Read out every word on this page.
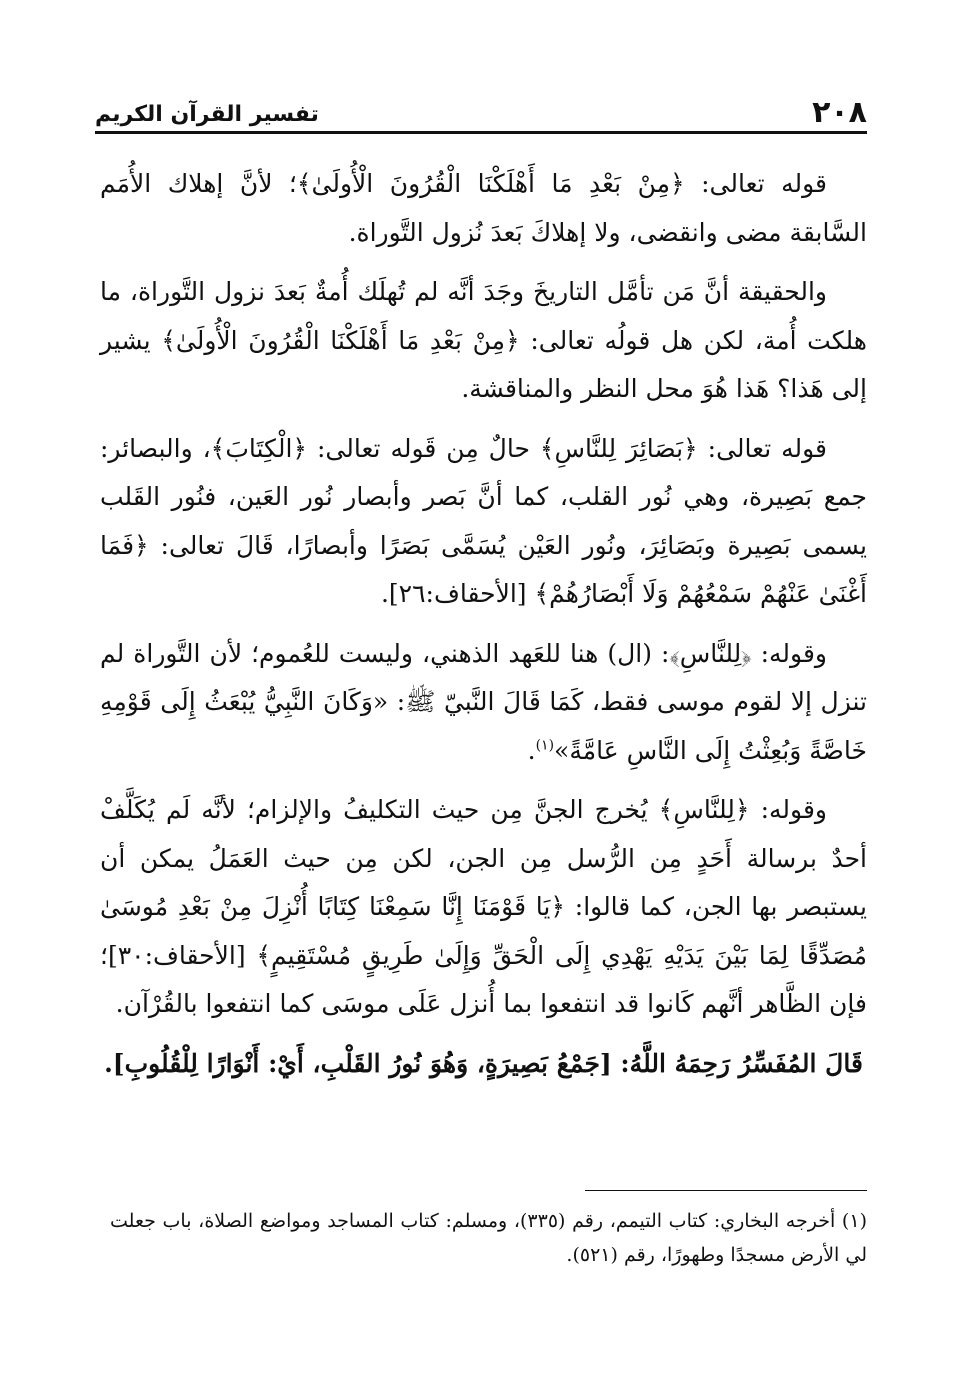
٢٠٨
تفسير القرآن الكريم

قوله تعالى: ﴿مِنْ بَعْدِ مَا أَهْلَكْنَا الْقُرُونَ الْأُولَىٰ﴾؛ لأنَّ إهلاك الأُمَم السَّابقة مضى وانقضى، ولا إهلاكَ بَعدَ نُزول التَّوراة.

والحقيقة أنَّ مَن تأمَّل التاريخَ وجَدَ أنَّه لم تُهلَك أُمةٌ بَعدَ نزول التَّوراة، ما هلكت أُمة، لكن هل قولُه تعالى: ﴿مِنْ بَعْدِ مَا أَهْلَكْنَا الْقُرُونَ الْأُولَىٰ﴾ يشير إلى هَذا؟ هَذا هُوَ محل النظر والمناقشة.

قوله تعالى: ﴿بَصَائِرَ لِلنَّاسِ﴾ حالٌ مِن قَوله تعالى: ﴿الْكِتَابَ﴾، والبصائر: جمع بَصِيرة، وهي نُور القلب، كما أنَّ بَصر وأبصار نُور العَين، فنُور القَلب يسمى بَصِيرة وبَصَائِرَ، ونُور العَيْن يُسَمَّى بَصَرًا وأبصارًا، قَالَ تعالى: ﴿فَمَا أَغْنَىٰ عَنْهُمْ سَمْعُهُمْ وَلَا أَبْصَارُهُمْ﴾ [الأحقاف:٢٦].

وقوله: ﴿لِلنَّاسِ﴾: (ال) هنا للعَهد الذهني، وليست للعُموم؛ لأن التَّوراة لم تنزل إلا لقوم موسى فقط، كَمَا قَالَ النَّبيّ ﷺ: «وَكَانَ النَّبِيُّ يُبْعَثُ إِلَى قَوْمِهِ خَاصَّةً وَبُعِثْتُ إِلَى النَّاسِ عَامَّةً»$^{(١)}$.

وقوله: ﴿لِلنَّاسِ﴾ يُخرج الجنَّ مِن حيث التكليفُ والإلزام؛ لأنَّه لَم يُكَلَّفْ أحدٌ برسالة أَحَدٍ مِن الرُّسل مِن الجن، لكن مِن حيث العَمَلُ يمكن أن يستبصر بها الجن، كما قالوا: ﴿يَا قَوْمَنَا إِنَّا سَمِعْنَا كِتَابًا أُنْزِلَ مِنْ بَعْدِ مُوسَىٰ مُصَدِّقًا لِمَا بَيْنَ يَدَيْهِ يَهْدِي إِلَى الْحَقِّ وَإِلَىٰ طَرِيقٍ مُسْتَقِيمٍ﴾ [الأحقاف:٣٠]؛ فإن الظَّاهر أنَّهم كَانوا قد انتفعوا بما أُنزل عَلَى موسَى كما انتفعوا بالقُرْآن.

قَالَ المُفَسِّرُ رَحِمَهُ اللَّهُ: [جَمْعُ بَصِيرَةٍ، وَهُوَ نُورُ القَلْبِ، أَيْ: أَنْوَارًا لِلْقُلُوبِ].

(١) أخرجه البخاري: كتاب التيمم، رقم (٣٣٥)، ومسلم: كتاب المساجد ومواضع الصلاة، باب جعلت لي الأرض مسجدًا وطهورًا، رقم (٥٢١).
